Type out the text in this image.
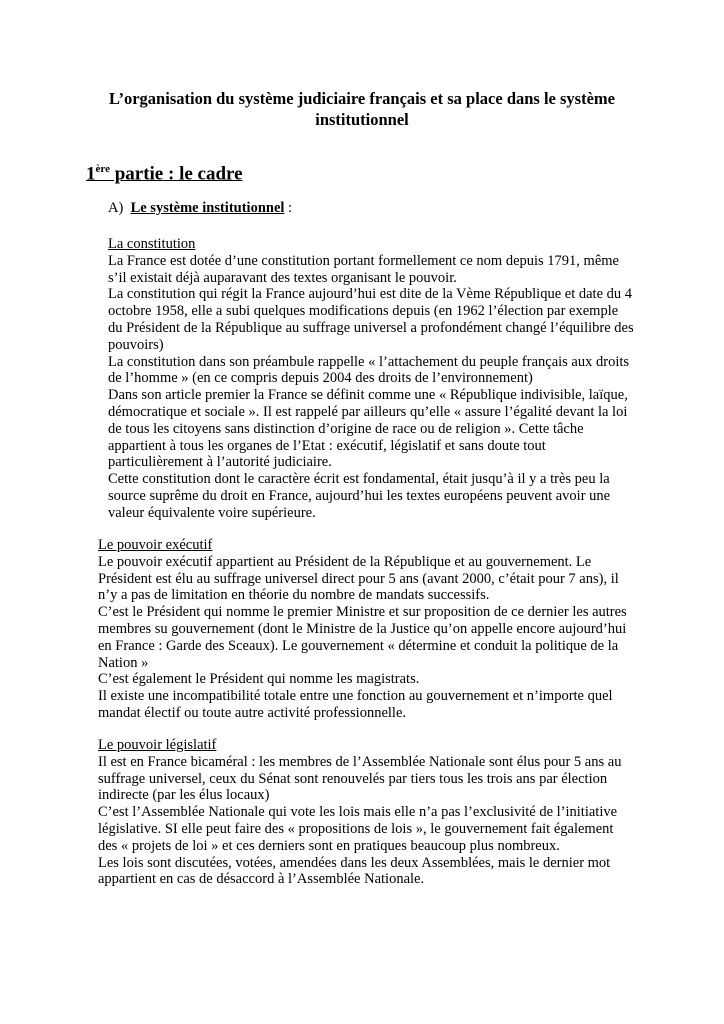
L’organisation du système judiciaire français et sa place dans le système
institutionnel
1ère partie : le cadre
A) Le système institutionnel :
La constitution
La France est dotée d’une constitution portant formellement ce nom depuis 1791, même
s’il existait déjà auparavant des textes organisant le pouvoir.
La constitution qui régit la France aujourd’hui est dite de la Vème République et date du 4
octobre 1958, elle a subi quelques modifications depuis (en 1962 l’élection par exemple
du Président de la République au suffrage universel a profondément changé l’équilibre des
pouvoirs)
La constitution dans son préambule rappelle « l’attachement du peuple français aux droits
de l’homme » (en ce compris depuis 2004 des droits de l’environnement)
Dans son article premier la France se définit comme une « République indivisible, laïque,
démocratique et sociale ». Il est rappelé par ailleurs qu’elle « assure l’égalité devant la loi
de tous les citoyens sans distinction d’origine de race ou de religion ». Cette tâche
appartient à tous les organes de l’Etat : exécutif, législatif et sans doute tout
particulièrement à l’autorité judiciaire.
Cette constitution dont le caractère écrit est fondamental, était jusqu’à il y a très peu la
source suprême du droit en France, aujourd’hui les textes européens peuvent avoir une
valeur équivalente voire supérieure.
Le pouvoir exécutif
Le pouvoir exécutif appartient au Président de la République et au gouvernement. Le
Président est élu au suffrage universel direct pour 5 ans (avant 2000, c’était pour 7 ans), il
n’y a pas de limitation en théorie du nombre de mandats successifs.
C’est le Président qui nomme le premier Ministre et sur proposition de ce dernier les autres
membres su gouvernement (dont le Ministre de la Justice qu’on appelle encore aujourd’hui
en France : Garde des Sceaux). Le gouvernement « détermine et conduit la politique de la
Nation »
C’est également le Président qui nomme les magistrats.
Il existe une incompatibilité totale entre une fonction au gouvernement et n’importe quel
mandat électif ou toute autre activité professionnelle.
Le pouvoir législatif
Il est en France bicaméral : les membres de l’Assemblée Nationale sont élus pour 5 ans au
suffrage universel, ceux du Sénat sont renouvelés par tiers tous les trois ans par élection
indirecte (par les élus locaux)
C’est l’Assemblée Nationale qui vote les lois mais elle n’a pas l’exclusivité de l’initiative
législative. SI elle peut faire des « propositions de lois », le gouvernement fait également
des « projets de loi » et ces derniers sont en pratiques beaucoup plus nombreux.
Les lois sont discutées, votées, amendées dans les deux Assemblées, mais le dernier mot
appartient en cas de désaccord à l’Assemblée Nationale.
